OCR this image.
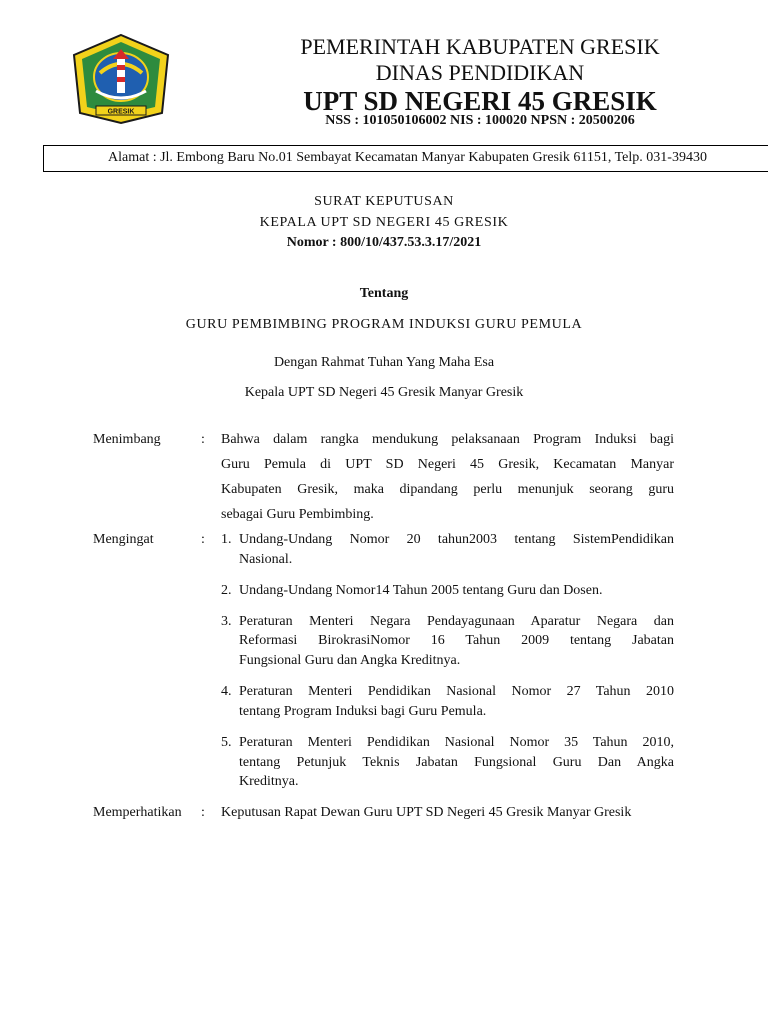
GRESIK
PEMERINTAH KABUPATEN GRESIK
DINAS PENDIDIKAN
UPT SD NEGERI 45 GRESIK
NSS : 101050106002 NIS : 100020 NPSN : 20500206
Alamat : Jl. Embong Baru No.01 Sembayat Kecamatan Manyar Kabupaten Gresik 61151, Telp. 031-39430
SURAT KEPUTUSAN
KEPALA UPT SD NEGERI 45 GRESIK
Nomor : 800/10/437.53.3.17/2021
Tentang
GURU PEMBIMBING PROGRAM INDUKSI GURU PEMULA
Dengan Rahmat Tuhan Yang Maha Esa
Kepala UPT SD Negeri 45 Gresik Manyar Gresik
Menimbang	: Bahwa dalam rangka mendukung pelaksanaan Program Induksi bagi
Guru Pemula di UPT SD Negeri 45 Gresik, Kecamatan Manyar
Kabupaten Gresik, maka dipandang perlu menunjuk seorang guru
sebagai Guru Pembimbing.
Mengingat	: 1. Undang-Undang Nomor 20 tahun2003 tentang SistemPendidikan
Nasional.
2. Undang-Undang Nomor14 Tahun 2005 tentang Guru dan Dosen.
3. Peraturan Menteri Negara Pendayagunaan Aparatur Negara dan
Reformasi BirokrasiNomor 16 Tahun 2009 tentang Jabatan
Fungsional Guru dan Angka Kreditnya.
4. Peraturan Menteri Pendidikan Nasional Nomor 27 Tahun 2010
tentang Program Induksi bagi Guru Pemula.
5. Peraturan Menteri Pendidikan Nasional Nomor 35 Tahun 2010,
tentang Petunjuk Teknis Jabatan Fungsional Guru Dan Angka
Kreditnya.
Memperhatikan : Keputusan Rapat Dewan Guru UPT SD Negeri 45 Gresik Manyar Gresik
